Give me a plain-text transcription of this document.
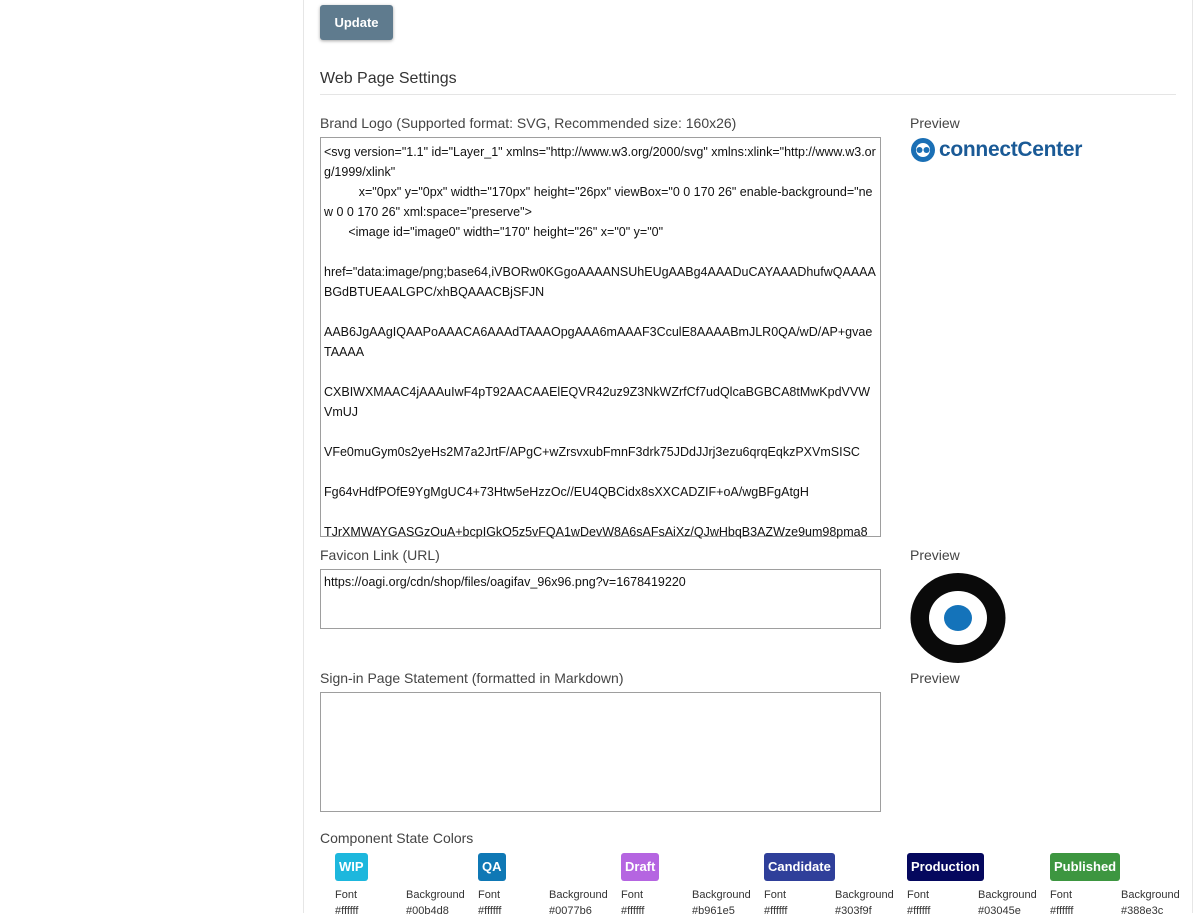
Update
Web Page Settings
Brand Logo (Supported format: SVG, Recommended size: 160x26)
<svg version="1.1" id="Layer_1" xmlns="http://www.w3.org/2000/svg" xmlns:xlink="http://www.w3.org/1999/xlink"
x="0px" y="0px" width="170px" height="26px" viewBox="0 0 170 26" enable-background="new 0 0 170 26" xml:space="preserve">
<image id="image0" width="170" height="26" x="0" y="0"

href="data:image/png;base64,iVBORw0KGgoAAAANSUhEUgAABg4AAADuCAYAAADhufwQAAAABGdBTUEAALGPC/xhBQAAACBjSFJN

AAB6JgAAgIQAAPoAAACA6AAAdTAAAOpgAAA6mAAAF3CculE8AAAABmJLR0QA/wD/AP+gvaeTAAAA

CXBIWXMAAC4jAAAuIwF4pT92AACAAElEQVR42uz9Z3NkWZrfCf7udQlcaBGBCA8tMwKpdVVWVmUJ

VFe0muGym0s2yeHs2M7a2JrtF/APgC+wZrsvxubFmnF3drk75JDdJJrj3ezu6qrqEqkzPXVmSISC

Fg64vHdfPOfE9YgMgUC4+73Htw5eHzzOc//EU4QBCidx8sXXCADZIF+oA/wgBFgAtgH

TJrXMWAYGASGzOuA+bcpIGkO5z5vFQA1wDevW8A6sAFsAiXz/QJwHbqB3AZWze9um98pma8
Preview
connectCenter
Favicon Link (URL)
https://oagi.org/cdn/shop/files/oagifav_96x96.png?v=1678419220	Preview
Sign-in Page Statement (formatted in Markdown)	Preview
Component State Colors
WIP
Font	Background
#ffffff	#00b4d8
QA
Font	Background
#ffffff	#0077b6
Draft
Font	Background
#ffffff	#b961e5
Candidate
Font	Background
#ffffff	#303f9f
Production
Font	Background
#ffffff	#03045e
Published
Font	Background
#ffffff	#388e3c
